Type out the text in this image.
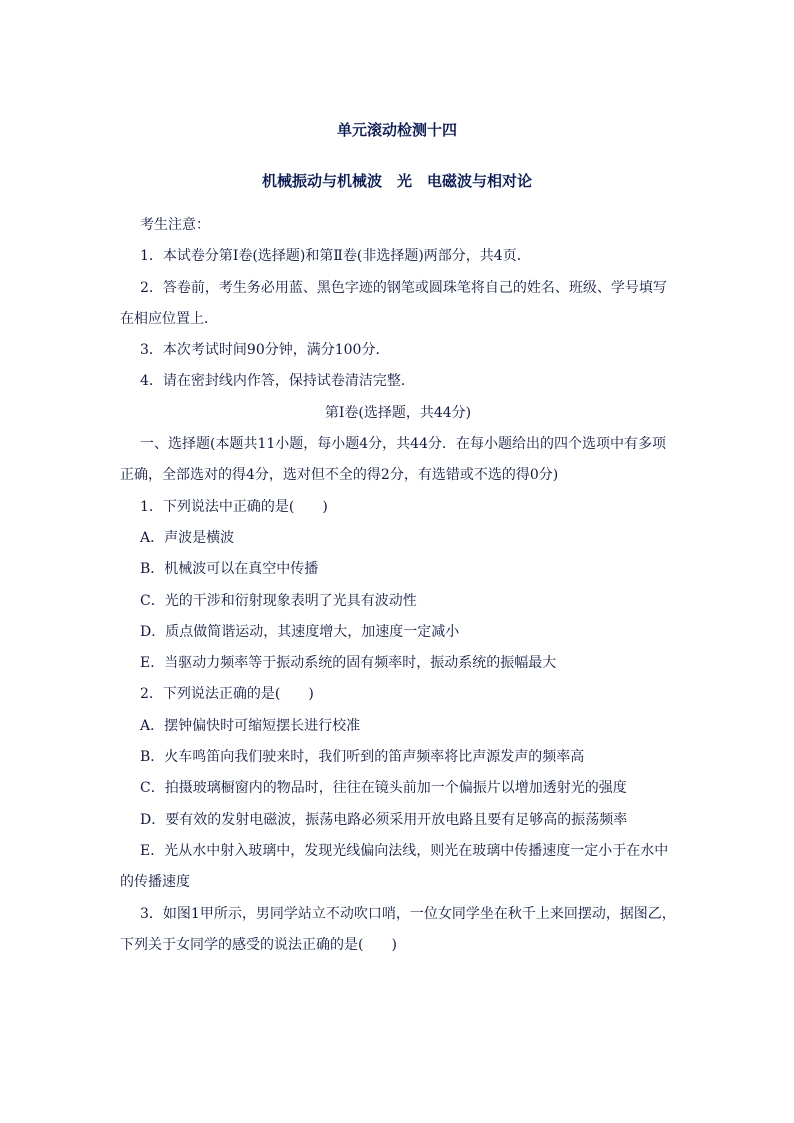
单元滚动检测十四
机械振动与机械波　光　电磁波与相对论

考生注意：

1．本试卷分第Ⅰ卷(选择题)和第Ⅱ卷(非选择题)两部分，共4页．

2．答卷前，考生务必用蓝、黑色字迹的钢笔或圆珠笔将自己的姓名、班级、学号填写在相应位置上．

3．本次考试时间90分钟，满分100分．

4．请在密封线内作答，保持试卷清洁完整．

第Ⅰ卷(选择题，共44分)

一、选择题(本题共11小题，每小题4分，共44分．在每小题给出的四个选项中有多项正确，全部选对的得4分，选对但不全的得2分，有选错或不选的得0分)

1．下列说法中正确的是(　　)

A．声波是横波

B．机械波可以在真空中传播

C．光的干涉和衍射现象表明了光具有波动性

D．质点做简谐运动，其速度增大，加速度一定减小

E．当驱动力频率等于振动系统的固有频率时，振动系统的振幅最大

2．下列说法正确的是(　　)

A．摆钟偏快时可缩短摆长进行校准

B．火车鸣笛向我们驶来时，我们听到的笛声频率将比声源发声的频率高

C．拍摄玻璃橱窗内的物品时，往往在镜头前加一个偏振片以增加透射光的强度

D．要有效的发射电磁波，振荡电路必须采用开放电路且要有足够高的振荡频率

E．光从水中射入玻璃中，发现光线偏向法线，则光在玻璃中传播速度一定小于在水中的传播速度

3．如图1甲所示，男同学站立不动吹口哨，一位女同学坐在秋千上来回摆动，据图乙，下列关于女同学的感受的说法正确的是(　　)
